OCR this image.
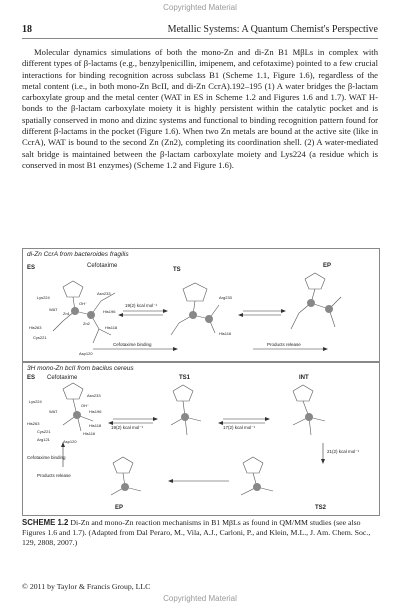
Copyrighted Material
18	Metallic Systems: A Quantum Chemist's Perspective

Molecular dynamics simulations of both the mono-Zn and di-Zn B1 MβLs in complex with different types of β-lactams (e.g., benzylpenicillin, imipenem, and cefotaxime) pointed to a few crucial interactions for binding recognition across subclass B1 (Scheme 1.1, Figure 1.6), regardless of the metal content (i.e., in both mono-Zn BcII, and di-Zn CcrA).192–195 (1) A water bridges the β-lactam carboxylate group and the metal center (WAT in ES in Scheme 1.2 and Figures 1.6 and 1.7). WAT H-bonds to the β-lactam carboxylate moiety it is highly persistent within the catalytic pocket and is spatially conserved in mono and dizinc systems and functional to binding recognition pattern found for different β-lactams in the pocket (Figure 1.6). When two Zn metals are bound at the active site (like in CcrA), WAT is bound to the second Zn (Zn2), completing its coordination shell. (2) A water-mediated salt bridge is maintained between the β-lactam carboxylate moiety and Lys224 (a residue which is conserved in most B1 enzymes) (Scheme 1.2 and Figure 1.6).

di-Zn CcrA from bacteroides fragilis
ES	Cefotaxime
TS
EP
19(2) kcal mol⁻¹
Cefotaxime binding	Products release
Lys224
Asn233
His196
His263
Cys221
His118
Asp120
Arg233
His116
WAT
OH⁻
Zn1
Zn2
3H mono-Zn bcII from bacilus cereus
ES Cefotaxime	TS1	INT
EP	TS2
19(2) kcal mol⁻¹	17(2) kcal mol⁻¹
21(2) kcal mol⁻¹
Cefotaxime binding
Products release
Lys224
Asn233
His196
His263
Cys221
His118
Asp120
Arg121
His116
WAT
OH⁻

SCHEME 1.2 Di-Zn and mono-Zn reaction mechanisms in B1 MβLs as found in QM/MM studies (see also Figures 1.6 and 1.7). (Adapted from Dal Peraro, M., Vila, A.J., Carloni, P., and Klein, M.L., J. Am. Chem. Soc., 129, 2808, 2007.)

© 2011 by Taylor & Francis Group, LLC
Copyrighted Material
